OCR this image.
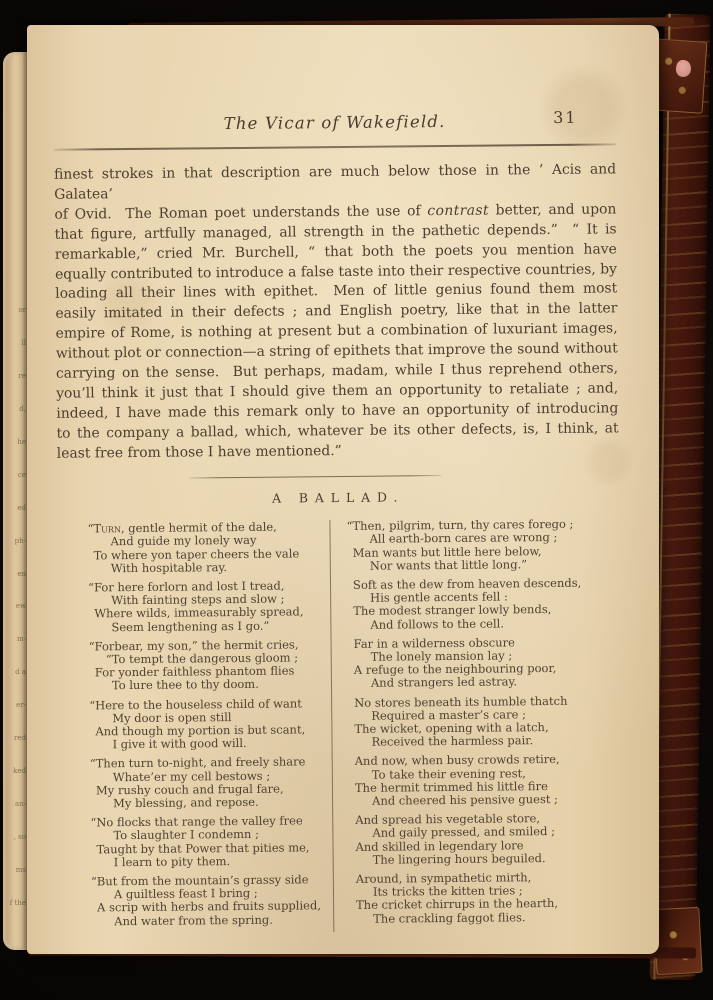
or
ll
re
d,
he
ce
ed
ph-
en
ew
m-
d a
er-
red
ked
an-
, so
ms
f the
The Vicar of Wakefield.	31
finest strokes in that description are much below those in the ‘ Acis and Galatea’
of Ovid.  The Roman poet understands the use of contrast better, and upon
that figure, artfully managed, all strength in the pathetic depends.”  “ It is
remarkable,” cried Mr. Burchell, “ that both the poets you mention have
equally contributed to introduce a false taste into their respective countries, by
loading all their lines with epithet.  Men of little genius found them most
easily imitated in their defects ; and English poetry, like that in the latter
empire of Rome, is nothing at present but a combination of luxuriant images,
without plot or connection—a string of epithets that improve the sound without
carrying on the sense.  But perhaps, madam, while I thus reprehend others,
you’ll think it just that I should give them an opportunity to retaliate ; and,
indeed, I have made this remark only to have an opportunity of introducing
to the company a ballad, which, whatever be its other defects, is, I think, at
least free from those I have mentioned.”
A BALLAD.
“Turn, gentle hermit of the dale,
And guide my lonely way
To where yon taper cheers the vale
With hospitable ray.
“For here forlorn and lost I tread,
With fainting steps and slow ;
Where wilds, immeasurably spread,
Seem lengthening as I go.”
“Forbear, my son,” the hermit cries,
“To tempt the dangerous gloom ;
For yonder faithless phantom flies
To lure thee to thy doom.
“Here to the houseless child of want
My door is open still
And though my portion is but scant,
I give it with good will.
“Then turn to-night, and freely share
Whate’er my cell bestows ;
My rushy couch and frugal fare,
My blessing, and repose.
“No flocks that range the valley free
To slaughter I condemn ;
Taught by that Power that pities me,
I learn to pity them.
“But from the mountain’s grassy side
A guiltless feast I bring ;
A scrip with herbs and fruits supplied,
And water from the spring.
“Then, pilgrim, turn, thy cares forego ;
All earth-born cares are wrong ;
Man wants but little here below,
Nor wants that little long.”
Soft as the dew from heaven descends,
His gentle accents fell :
The modest stranger lowly bends,
And follows to the cell.
Far in a wilderness obscure
The lonely mansion lay ;
A refuge to the neighbouring poor,
And strangers led astray.
No stores beneath its humble thatch
Required a master’s care ;
The wicket, opening with a latch,
Received the harmless pair.
And now, when busy crowds retire,
To take their evening rest,
The hermit trimmed his little fire
And cheered his pensive guest ;
And spread his vegetable store,
And gaily pressed, and smiled ;
And skilled in legendary lore
The lingering hours beguiled.
Around, in sympathetic mirth,
Its tricks the kitten tries ;
The cricket chirrups in the hearth,
The crackling faggot flies.
